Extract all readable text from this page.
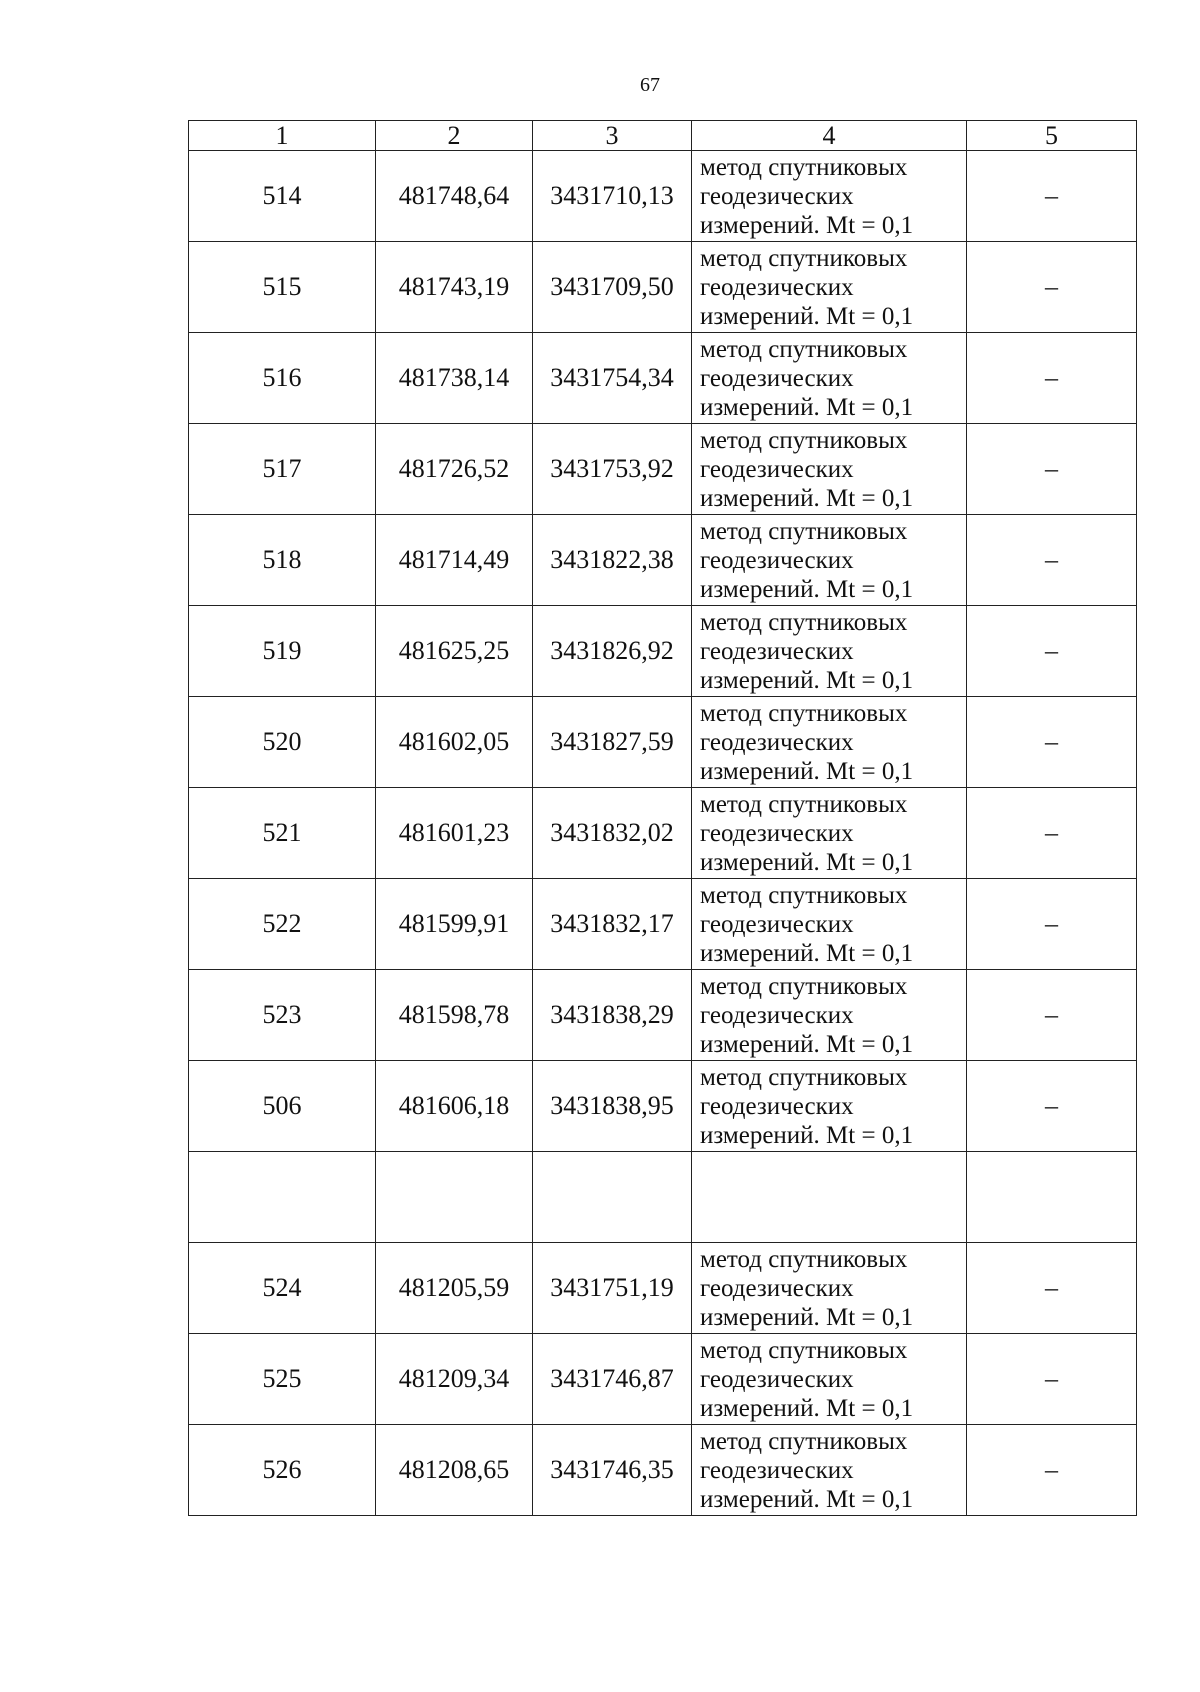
67
1	2	3	4	5
514	481748,64	3431710,13	метод спутниковых
геодезических
измерений. Mt = 0,1	–
515	481743,19	3431709,50	метод спутниковых
геодезических
измерений. Mt = 0,1	–
516	481738,14	3431754,34	метод спутниковых
геодезических
измерений. Mt = 0,1	–
517	481726,52	3431753,92	метод спутниковых
геодезических
измерений. Mt = 0,1	–
518	481714,49	3431822,38	метод спутниковых
геодезических
измерений. Mt = 0,1	–
519	481625,25	3431826,92	метод спутниковых
геодезических
измерений. Mt = 0,1	–
520	481602,05	3431827,59	метод спутниковых
геодезических
измерений. Mt = 0,1	–
521	481601,23	3431832,02	метод спутниковых
геодезических
измерений. Mt = 0,1	–
522	481599,91	3431832,17	метод спутниковых
геодезических
измерений. Mt = 0,1	–
523	481598,78	3431838,29	метод спутниковых
геодезических
измерений. Mt = 0,1	–
506	481606,18	3431838,95	метод спутниковых
геодезических
измерений. Mt = 0,1	–

524	481205,59	3431751,19	метод спутниковых
геодезических
измерений. Mt = 0,1	–
525	481209,34	3431746,87	метод спутниковых
геодезических
измерений. Mt = 0,1	–
526	481208,65	3431746,35	метод спутниковых
геодезических
измерений. Mt = 0,1	–
